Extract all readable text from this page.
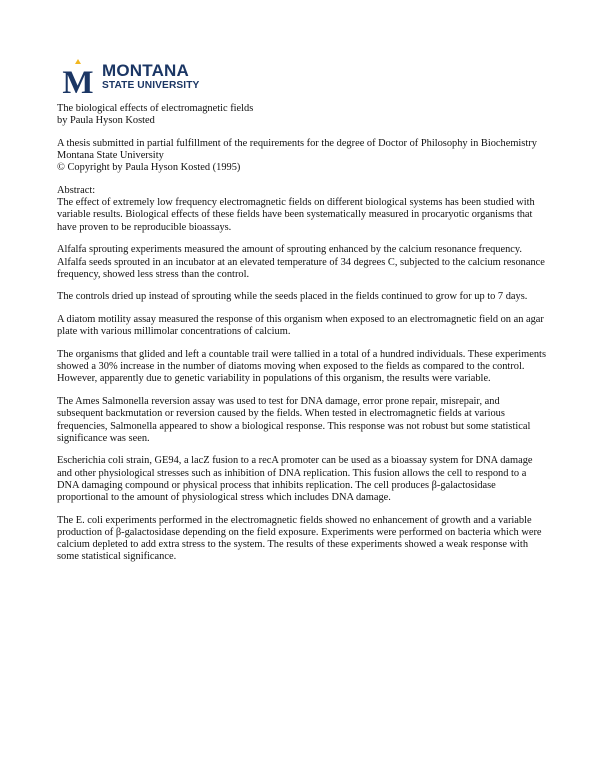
M MONTANA
STATE UNIVERSITY

The biological effects of electromagnetic fields
by Paula Hyson Kosted

A thesis submitted in partial fulfillment of the requirements for the degree of Doctor of Philosophy in Biochemistry
Montana State University
© Copyright by Paula Hyson Kosted (1995)

Abstract:
The effect of extremely low frequency electromagnetic fields on different biological systems has been studied with variable results. Biological effects of these fields have been systematically measured in procaryotic organisms that have proven to be reproducible bioassays.

Alfalfa sprouting experiments measured the amount of sprouting enhanced by the calcium resonance frequency. Alfalfa seeds sprouted in an incubator at an elevated temperature of 34 degrees C, subjected to the calcium resonance frequency, showed less stress than the control.

The controls dried up instead of sprouting while the seeds placed in the fields continued to grow for up to 7 days.

A diatom motility assay measured the response of this organism when exposed to an electromagnetic field on an agar plate with various millimolar concentrations of calcium.

The organisms that glided and left a countable trail were tallied in a total of a hundred individuals. These experiments showed a 30% increase in the number of diatoms moving when exposed to the fields as compared to the control. However, apparently due to genetic variability in populations of this organism, the results were variable.

The Ames Salmonella reversion assay was used to test for DNA damage, error prone repair, misrepair, and subsequent backmutation or reversion caused by the fields. When tested in electromagnetic fields at various frequencies, Salmonella appeared to show a biological response. This response was not robust but some statistical significance was seen.

Escherichia coli strain, GE94, a lacZ fusion to a recA promoter can be used as a bioassay system for DNA damage and other physiological stresses such as inhibition of DNA replication. This fusion allows the cell to respond to a DNA damaging compound or physical process that inhibits replication. The cell produces β-galactosidase proportional to the amount of physiological stress which includes DNA damage.

The E. coli experiments performed in the electromagnetic fields showed no enhancement of growth and a variable production of β-galactosidase depending on the field exposure. Experiments were performed on bacteria which were calcium depleted to add extra stress to the system. The results of these experiments showed a weak response with some statistical significance.
